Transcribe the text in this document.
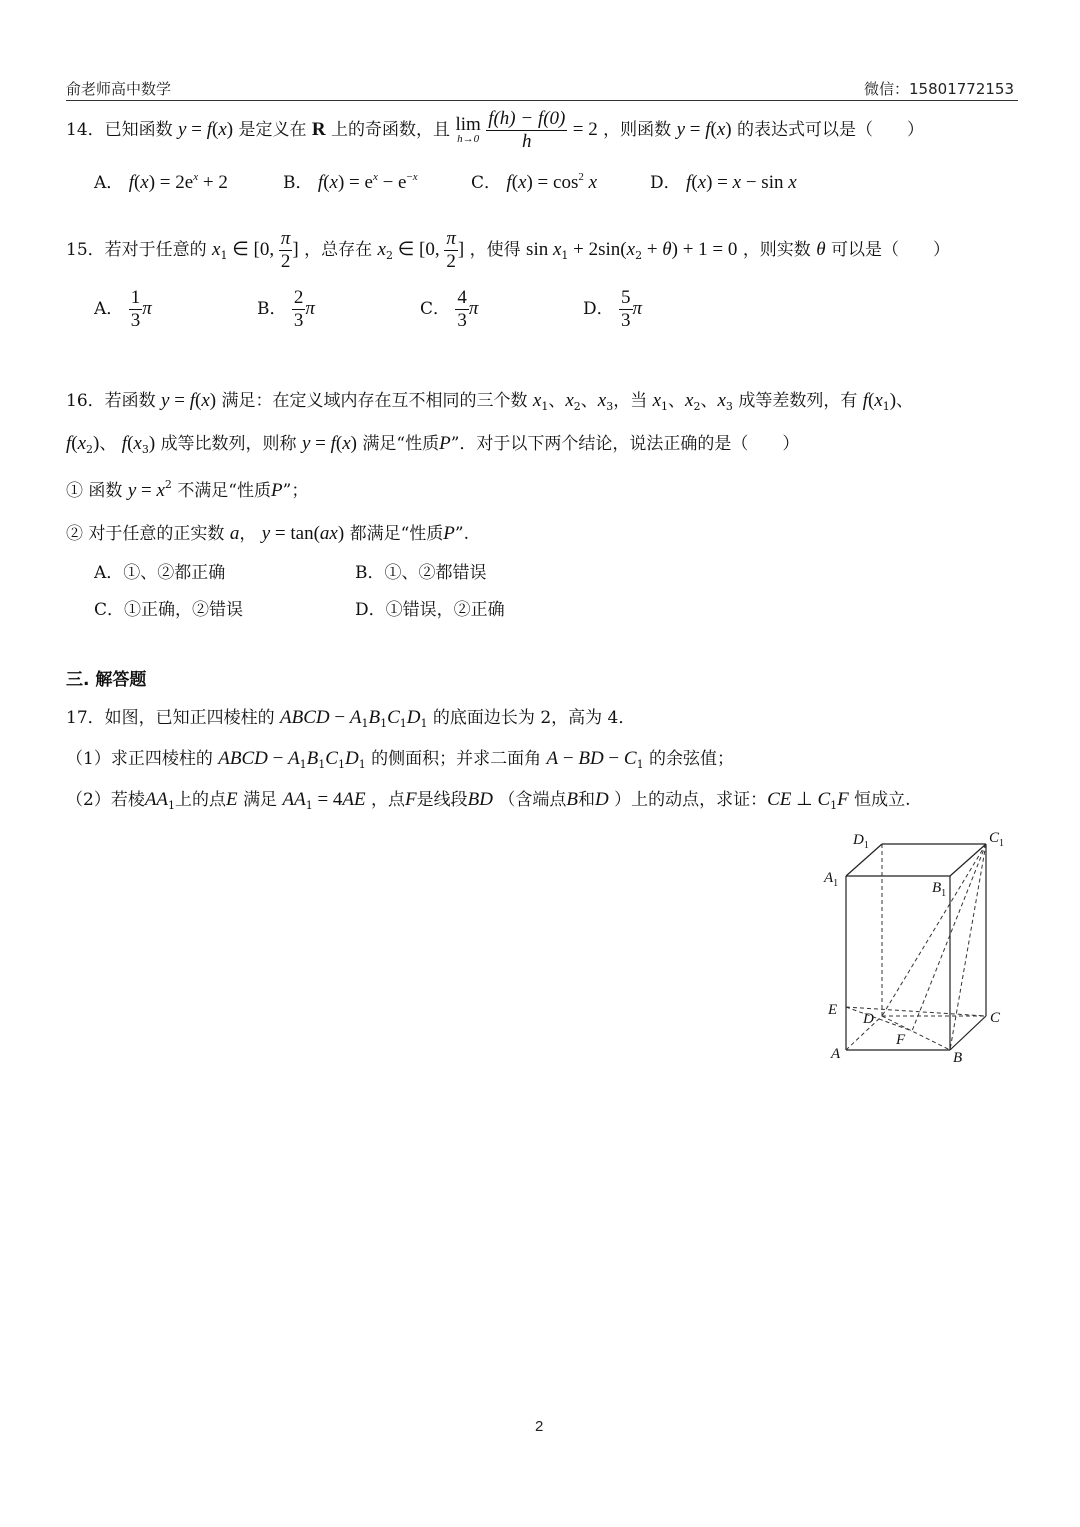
俞老师高中数学	微信：15801772153
14．已知函数 y = f(x) 是定义在 R 上的奇函数，且 lim
h→0
$\frac{f(h) - f(0)}{h} = 2$ ，则函数 y = f(x) 的表达式可以是（　　）
A． $f(x) = 2e^x + 2$	B． $f(x) = e^x - e^{-x}$	C． $f(x) = \cos^2 x$	D． f(x) = x − sin x
15．若对于任意的 $x_1$ ∈ [0, $\frac{\pi}{2}$ ] ，总存在 $x_2$ ∈ [0, $\frac{\pi}{2}$ ] ，使得 $\sin x_1 + 2\sin(x_2 + \theta) + 1 = 0$ ，则实数 θ 可以是（　　）
A． $\frac{1}{3}$ π	B． $\frac{2}{3}$ π	C． $\frac{4}{3}$ π	D． $\frac{5}{3}$ π
16．若函数 y = f(x) 满足：在定义域内存在互不相同的三个数 $x_1$、$x_2$、$x_3$，当 $x_1$、$x_2$、$x_3$ 成等差数列，有 $f(x_1)$、
$f(x_2)$、 $f(x_3)$ 成等比数列，则称 y = f(x) 满足“性质P”．对于以下两个结论，说法正确的是（　　）
① 函数 $y = x^2$ 不满足“性质P”；
② 对于任意的正实数 a， y = tan(ax) 都满足“性质P”.
A．①、②都正确	B．①、②都错误
C．①正确，②错误	D．①错误，②正确
三. 解答题
17．如图，已知正四棱柱的 ABCD − $A_1B_1C_1D_1$ 的底面边长为 2，高为 4．
（1）求正四棱柱的 ABCD − $A_1B_1C_1D_1$ 的侧面积；并求二面角 A − BD − $C_1$ 的余弦值；
（2）若棱$AA_1$上的点E 满足 $AA_1 = 4AE$ ，点F是线段BD （含端点B和D ）上的动点，求证：CE ⊥ $C_1F$ 恒成立.
$D_1$	$C_1$
$A_1$	$B_1$
E
D	C
F
A	B
2
